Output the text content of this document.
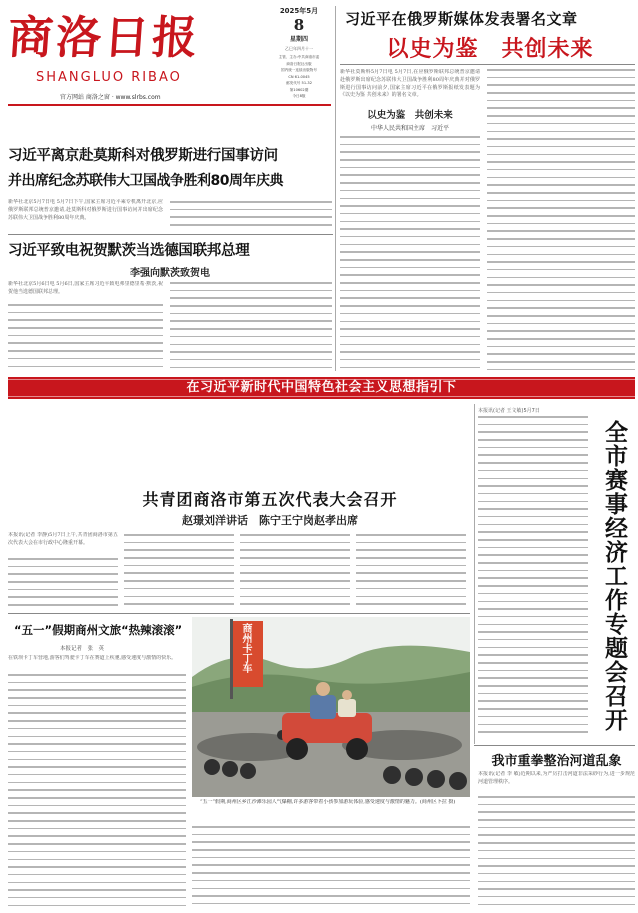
商洛日报
SHANGLUO RIBAO
官方网站 商洛之窗 · www.slrbs.com
2025年5月
8
星期四
乙巳年四月十一
主管、主办:中共商洛市委
商洛日报社出版
国内统一连续出版物号
CN 61-0045
邮发代号 51-32
第10602期
今日8版
习近平在俄罗斯媒体发表署名文章
以史为鉴　共创未来
新华社莫斯科5月7日电 5月7日,在应俄罗斯联邦总统普京邀请赴俄罗斯出席纪念苏联伟大卫国战争胜利80周年庆典并对俄罗斯进行国事访问前夕,国家主席习近平在俄罗斯报纸发表题为《以史为鉴 共创未来》的署名文章。
以史为鉴　共创未来
中华人民共和国主席　习近平
习近平离京赴莫斯科对俄罗斯进行国事访问
并出席纪念苏联伟大卫国战争胜利80周年庆典
新华社北京5月7日电 5月7日下午,国家主席习近平乘专机离开北京,应俄罗斯联邦总统普京邀请,赴莫斯科对俄罗斯进行国事访问并出席纪念苏联伟大卫国战争胜利80周年庆典。
习近平致电祝贺默茨当选德国联邦总理
李强向默茨致贺电
新华社北京5月6日电 5月6日,国家主席习近平致电弗里德里希·默茨,祝贺他当选德国联邦总理。
在习近平新时代中国特色社会主义思想指引下
共青团商洛市第五次代表大会召开
赵璟刘洋讲话　陈宁王宁岗赵孝出席
本报讯(记者 李静)5月7日上午,共青团商洛市第五次代表大会在市行政中心隆重开幕。
本报讯(记者 王文敏)5月7日
全市赛事经济工作专题会召开
“五一”假期商州文旅“热辣滚滚”
本报记者　张　英
在铁坝卡丁车营地,游客们驾驶卡丁车在赛道上疾驰,感受速度与激情的快乐。	商州卡丁车
“五一”假期,商州区乡江沙滩乐园人气爆棚,许多游客带着小孩参加游玩体验,感受速度与激情的魅力。(商州区卜拉 摄)
我市重拳整治河道乱象
本报讯(记者 李 敏)近期以来,为严厉打击河道非法采砂行为,进一步规范河道管理秩序。
